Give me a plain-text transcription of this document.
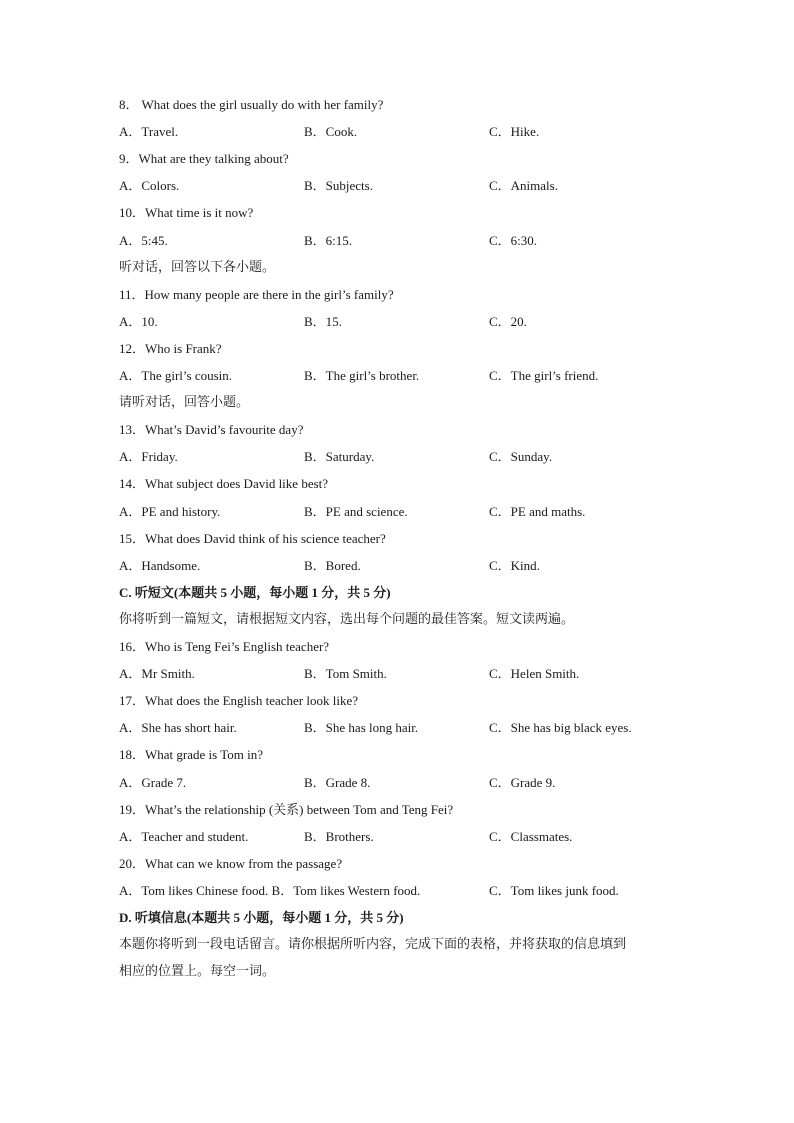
8． What does the girl usually do with her family?
A．Travel.	B．Cook.	C．Hike.
9．What are they talking about?
A．Colors.	B．Subjects.	C．Animals.
10．What time is it now?
A．5:45.	B．6:15.	C．6:30.
听对话，回答以下各小题。
11．How many people are there in the girl’s family?
A．10.	B．15.	C．20.
12．Who is Frank?
A．The girl’s cousin.	B．The girl’s brother.	C．The girl’s friend.
请听对话，回答小题。
13．What’s David’s favourite day?
A．Friday.	B．Saturday.	C．Sunday.
14．What subject does David like best?
A．PE and history.	B．PE and science.	C．PE and maths.
15．What does David think of his science teacher?
A．Handsome.	B．Bored.	C．Kind.
C. 听短文(本题共 5 小题，每小题 1 分，共 5 分)
你将听到一篇短文，请根据短文内容，选出每个问题的最佳答案。短文读两遍。
16．Who is Teng Fei’s English teacher?
A．Mr Smith.	B．Tom Smith.	C．Helen Smith.
17．What does the English teacher look like?
A．She has short hair.	B．She has long hair.	C．She has big black eyes.
18．What grade is Tom in?
A．Grade 7.	B．Grade 8.	C．Grade 9.
19．What’s the relationship (关系) between Tom and Teng Fei?
A．Teacher and student.	B．Brothers.	C．Classmates.
20．What can we know from the passage?
A．Tom likes Chinese food. B．Tom likes Western food.	C．Tom likes junk food.
D. 听填信息(本题共 5 小题，每小题 1 分，共 5 分)
本题你将听到一段电话留言。请你根据所听内容，完成下面的表格，并将获取的信息填到
相应的位置上。每空一词。
